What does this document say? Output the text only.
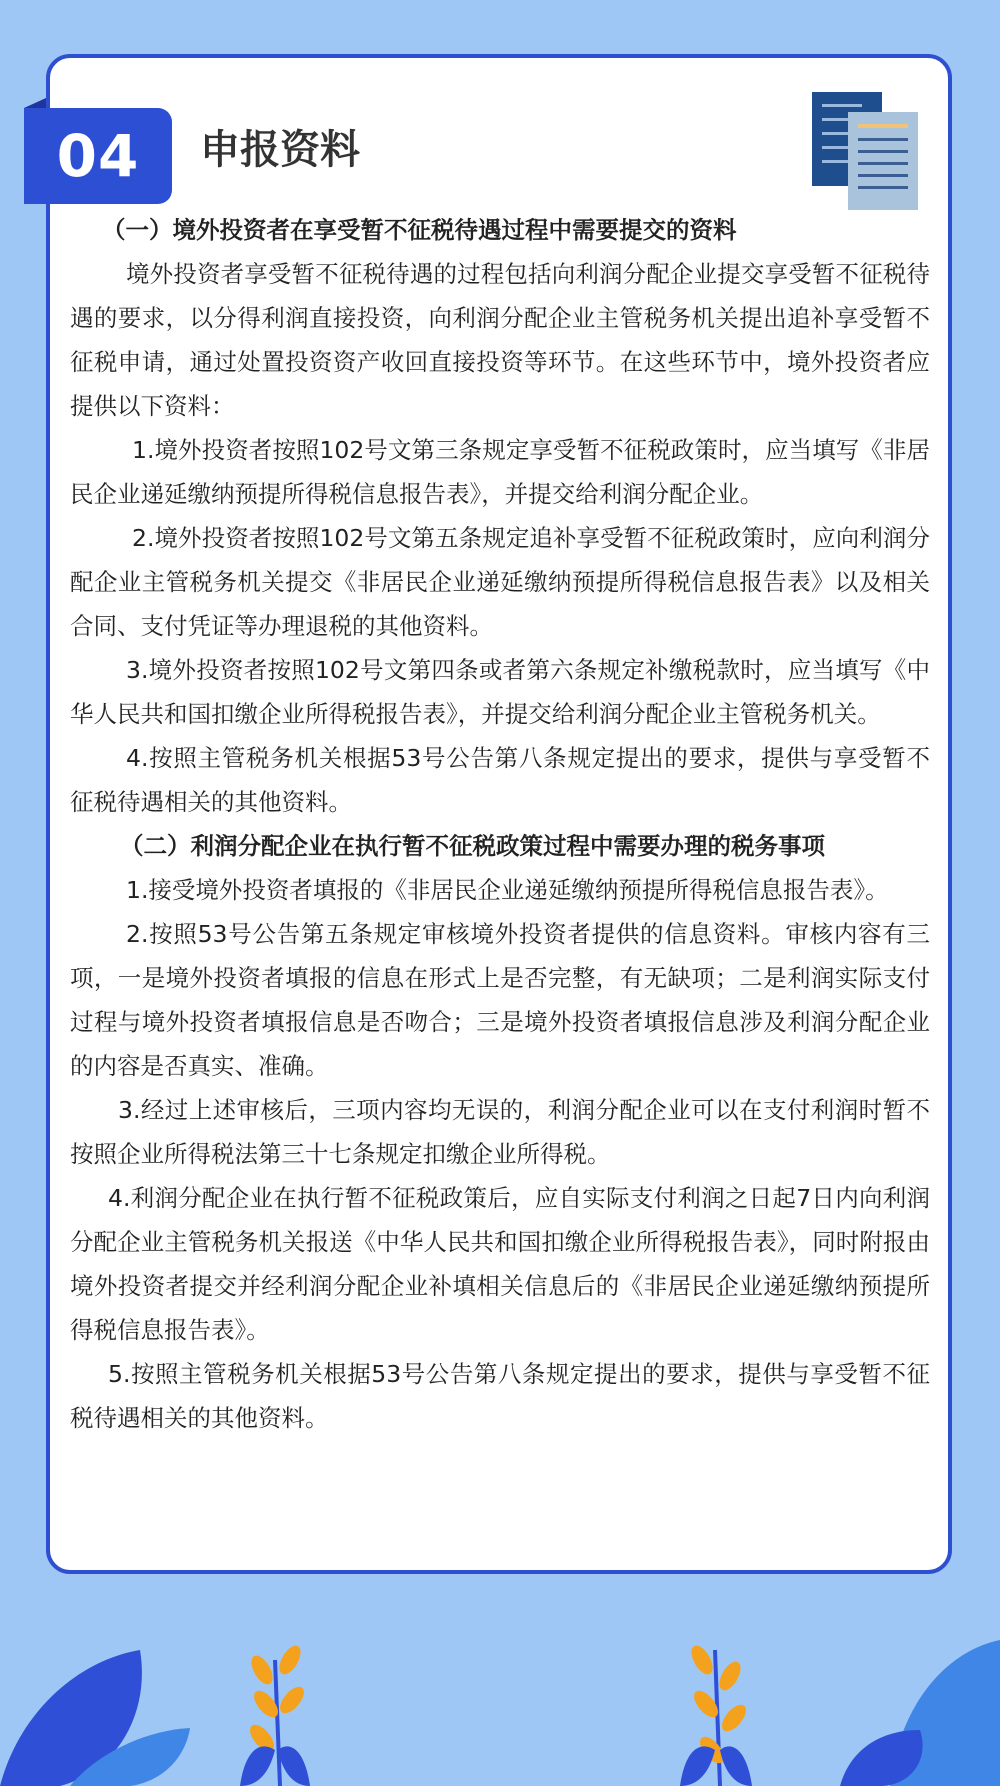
04	申报资料

（一）境外投资者在享受暂不征税待遇过程中需要提交的资料

境外投资者享受暂不征税待遇的过程包括向利润分配企业提交享受暂不征税待遇的要求，以分得利润直接投资，向利润分配企业主管税务机关提出追补享受暂不征税申请，通过处置投资资产收回直接投资等环节。在这些环节中，境外投资者应提供以下资料：

1.境外投资者按照102号文第三条规定享受暂不征税政策时，应当填写《非居民企业递延缴纳预提所得税信息报告表》，并提交给利润分配企业。

2.境外投资者按照102号文第五条规定追补享受暂不征税政策时，应向利润分配企业主管税务机关提交《非居民企业递延缴纳预提所得税信息报告表》以及相关合同、支付凭证等办理退税的其他资料。

3.境外投资者按照102号文第四条或者第六条规定补缴税款时，应当填写《中华人民共和国扣缴企业所得税报告表》，并提交给利润分配企业主管税务机关。

4.按照主管税务机关根据53号公告第八条规定提出的要求，提供与享受暂不征税待遇相关的其他资料。

（二）利润分配企业在执行暂不征税政策过程中需要办理的税务事项

1.接受境外投资者填报的《非居民企业递延缴纳预提所得税信息报告表》。

2.按照53号公告第五条规定审核境外投资者提供的信息资料。审核内容有三项，一是境外投资者填报的信息在形式上是否完整，有无缺项；二是利润实际支付过程与境外投资者填报信息是否吻合；三是境外投资者填报信息涉及利润分配企业的内容是否真实、准确。

3.经过上述审核后，三项内容均无误的，利润分配企业可以在支付利润时暂不按照企业所得税法第三十七条规定扣缴企业所得税。

4.利润分配企业在执行暂不征税政策后，应自实际支付利润之日起7日内向利润分配企业主管税务机关报送《中华人民共和国扣缴企业所得税报告表》，同时附报由境外投资者提交并经利润分配企业补填相关信息后的《非居民企业递延缴纳预提所得税信息报告表》。

5.按照主管税务机关根据53号公告第八条规定提出的要求，提供与享受暂不征税待遇相关的其他资料。
